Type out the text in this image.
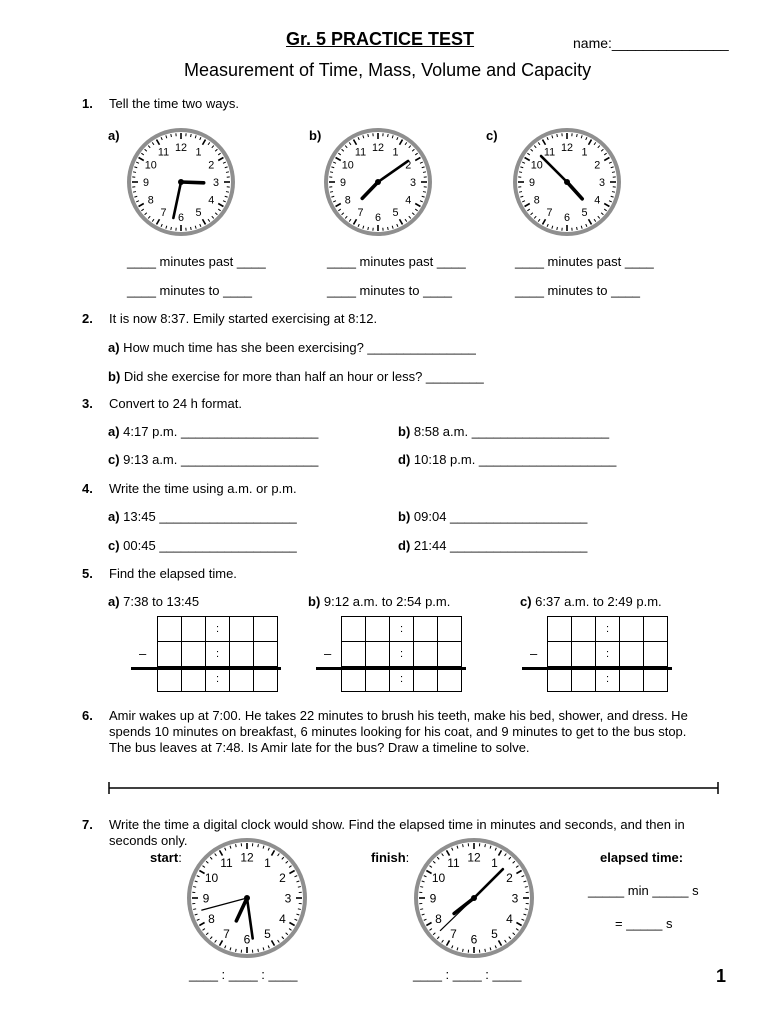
Gr. 5 PRACTICE TEST	name:_______________
Measurement of Time, Mass, Volume and Capacity
1. Tell the time two ways.
a)	b)	c)
1
2
3
4
5
6
7
8
9
10
11 12	1
2
3
4
5
6
7
8
9
10
11 12	1
2
3
4
5
6
7
8
9
10
11 12
____ minutes past ____	____ minutes past ____	____ minutes past ____
____ minutes to ____	____ minutes to ____	____ minutes to ____
2. It is now 8:37. Emily started exercising at 8:12.
a) How much time has she been exercising? _______________
b) Did she exercise for more than half an hour or less? ________
3. Convert to 24 h format.
a) 4:17 p.m. ___________________	b) 8:58 a.m. ___________________
c) 9:13 a.m. ___________________	d) 10:18 p.m. ___________________
4. Write the time using a.m. or p.m.
a) 13:45 ___________________	b) 09:04 ___________________
c) 00:45 ___________________	d) 21:44 ___________________
5. Find the elapsed time.
a) 7:38 to 13:45	b) 9:12 a.m. to 2:54 p.m.	c) 6:37 a.m. to 2:49 p.m.
		:		
		:		
		:		
–
		:		
		:		
		:		
–
		:		
		:		
		:		
–
6. Amir wakes up at 7:00. He takes 22 minutes to brush his teeth, make his bed, shower, and dress. He
spends 10 minutes on breakfast, 6 minutes looking for his coat, and 9 minutes to get to the bus stop.
The bus leaves at 7:48. Is Amir late for the bus? Draw a timeline to solve.
7. Write the time a digital clock would show. Find the elapsed time in minutes and seconds, and then in
seconds only.
start:	finish:	elapsed time:
_____ min _____ s
= _____ s
1
2
3
4
5
6
7
8
9
10
11 12	1
2
3
4
5
6
7
8
9
10
11 12
____ : ____ : ____	____ : ____ : ____	1
